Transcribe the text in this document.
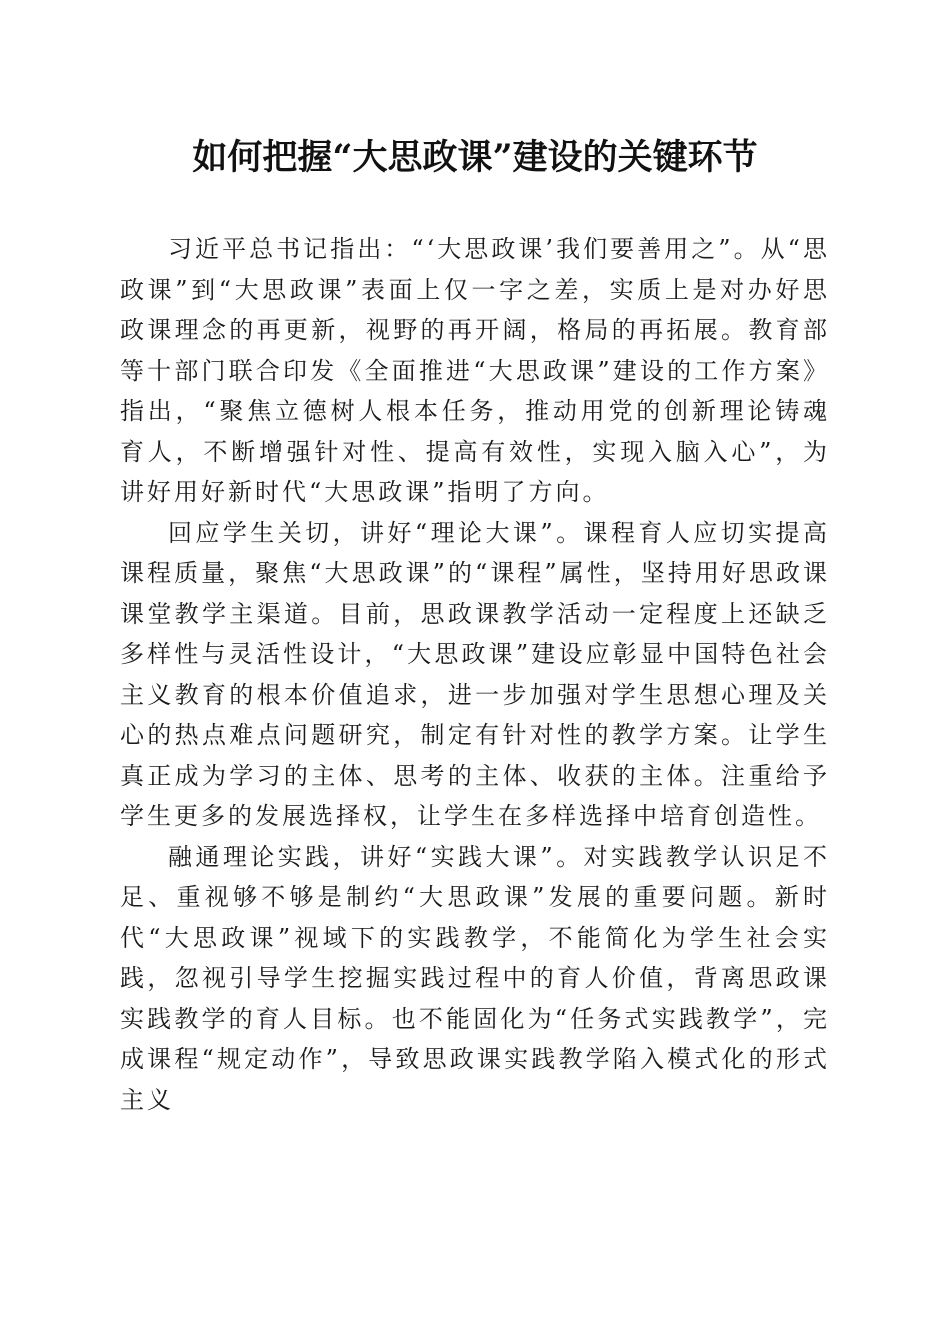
如何把握“大思政课”建设的关键环节

习近平总书记指出：“‘大思政课’我们要善用之”。从“思政课”到“大思政课”表面上仅一字之差，实质上是对办好思政课理念的再更新，视野的再开阔，格局的再拓展。教育部等十部门联合印发《全面推进“大思政课”建设的工作方案》指出，“聚焦立德树人根本任务，推动用党的创新理论铸魂育人，不断增强针对性、提高有效性，实现入脑入心”，为讲好用好新时代“大思政课”指明了方向。

回应学生关切，讲好“理论大课”。课程育人应切实提高课程质量，聚焦“大思政课”的“课程”属性，坚持用好思政课课堂教学主渠道。目前，思政课教学活动一定程度上还缺乏多样性与灵活性设计，“大思政课”建设应彰显中国特色社会主义教育的根本价值追求，进一步加强对学生思想心理及关心的热点难点问题研究，制定有针对性的教学方案。让学生真正成为学习的主体、思考的主体、收获的主体。注重给予学生更多的发展选择权，让学生在多样选择中培育创造性。

融通理论实践，讲好“实践大课”。对实践教学认识足不足、重视够不够是制约“大思政课”发展的重要问题。新时代“大思政课”视域下的实践教学，不能简化为学生社会实践，忽视引导学生挖掘实践过程中的育人价值，背离思政课实践教学的育人目标。也不能固化为“任务式实践教学”，完成课程“规定动作”，导致思政课实践教学陷入模式化的形式主义
